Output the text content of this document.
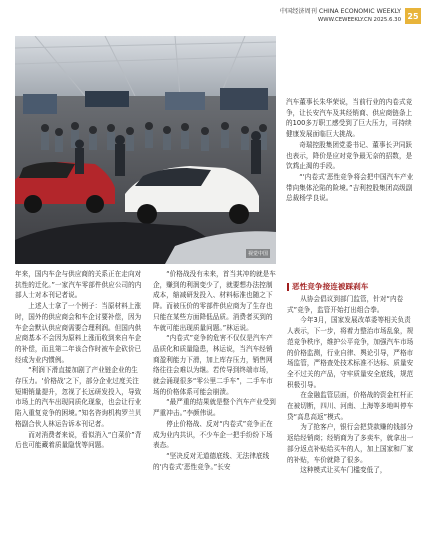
中国经济周刊 CHINA ECONOMIC WEEKLY
WWW.CEWEEKLY.CN 2025.6.30 25
视觉中国

汽车董事长朱华荣说，当前行业的内卷式竞争，让长安汽车及其经销商、供应商链条上的100多万职工感受到了巨大压力，可持续健康发展面临巨大挑战。

奇瑞控股集团党委书记、董事长尹同跃也表示，降价是应对竞争最无奈的招数，是饮鸩止渴的手段。

“‘内卷式’恶性竞争将会把中国汽车产业带向集体沦陷的险境。”吉利控股集团高级副总裁杨学良说。

年来，国内车企与供应商的关系正在走向对抗性的迁化。”一家汽车零部件供应公司的内部人士对本刊记者说。

上述人士拿了一个例子：当原材料上涨时，国外的供应商会和车企讨要补偿，因为车企会默认供应商需要合理利润。但国内供应商基本不会因为原料上涨而收到来自车企的补偿，而且第二年该合作时被车企砍价已经成为业内惯例。

“利润下滑直接加剧了产业链企业的生存压力。‘价格战’之下，部分企业过度关注短期销量提升，忽视了长远研发投入，导致市场上的汽车出现同质化现象，也会让行业陷入重复竞争的困境。”知名咨询机构罗兰贝格副合伙人林运告诉本刊记者。

而对消费者来说，看似消入“白菜价”背后也可能藏着质量隐忧等问题。

“价格战没有未来，首当其冲的就是车企，赚到的利润变少了，就要想办法控制成本，缩减研发投入、材料标准也随之下降。而被压价的零部件供应商为了生存也只能在某些方面降低品质。消费者买到的车就可能出现质量问题。”林运说。

“内卷式”竞争的危害不仅仅是汽车产品质化和质量隐患，林运说，当汽车经销商盈利能力下滑，加上库存压力，销售网络往往会难以为继。若传导到终端市场，就会涌现很多“零公里二手车”，二手车市场的价格体系可能会崩溃。

“最严重的结果就是整个汽车产业受到严重冲击。”李颜伟说。

停止价格战、反对“内卷式”竞争正在成为业内共识，不少车企一把手纷纷下场表态。

“坚决反对无道德底线、无法律底线的‘内卷式’恶性竞争。”长安

恶性竞争接连被踩刹车

从协会倡议到部门监管，针对“内卷式”竞争，监管开始打出组合拳。

今年3月，国家发展改革委等相关负责人表示，下一步，将着力整治市场乱象，规范竞争秩序，维护公平竞争，加强汽车市场的价格监测，行业自律、舆论引导，严格市场监管，严格查处技术标准不达标、质量安全不过关的产品，守牢质量安全底线，规范积极引导。

在金融监管层面，价格战的资金杠杆正在被切断，四川、河南、上海等多地叫停车贷“高息高返”模式。

为了抢客户，银行会把贷款赚的钱部分返给经销商；经销商为了多卖车，就拿出一部分返点补贴给买车的人，加上国家和厂家的补贴，车价就降了很多。

这种模式让买车门槛变低了，
